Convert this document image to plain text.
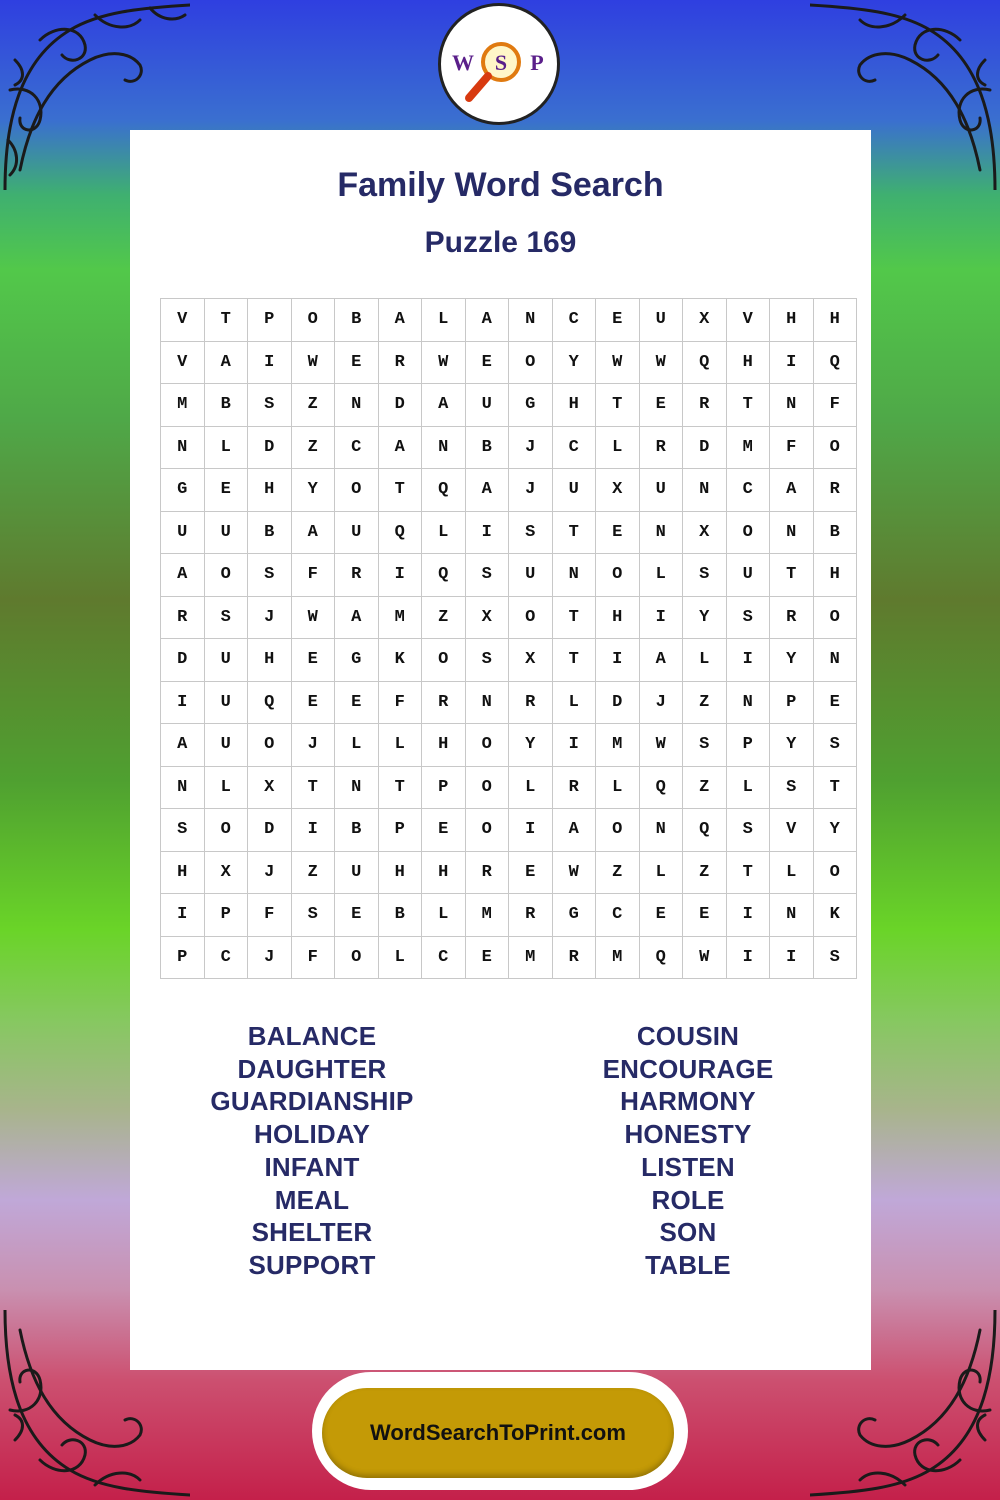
W S P
Family Word Search
Puzzle 169
V	T	P	O	B	A	L	A	N	C	E	U	X	V	H	H
V	A	I	W	E	R	W	E	O	Y	W	W	Q	H	I	Q
M	B	S	Z	N	D	A	U	G	H	T	E	R	T	N	F
N	L	D	Z	C	A	N	B	J	C	L	R	D	M	F	O
G	E	H	Y	O	T	Q	A	J	U	X	U	N	C	A	R
U	U	B	A	U	Q	L	I	S	T	E	N	X	O	N	B
A	O	S	F	R	I	Q	S	U	N	O	L	S	U	T	H
R	S	J	W	A	M	Z	X	O	T	H	I	Y	S	R	O
D	U	H	E	G	K	O	S	X	T	I	A	L	I	Y	N
I	U	Q	E	E	F	R	N	R	L	D	J	Z	N	P	E
A	U	O	J	L	L	H	O	Y	I	M	W	S	P	Y	S
N	L	X	T	N	T	P	O	L	R	L	Q	Z	L	S	T
S	O	D	I	B	P	E	O	I	A	O	N	Q	S	V	Y
H	X	J	Z	U	H	H	R	E	W	Z	L	Z	T	L	O
I	P	F	S	E	B	L	M	R	G	C	E	E	I	N	K
P	C	J	F	O	L	C	E	M	R	M	Q	W	I	I	S
BALANCE
DAUGHTER
GUARDIANSHIP
HOLIDAY
INFANT
MEAL
SHELTER
SUPPORT
COUSIN
ENCOURAGE
HARMONY
HONESTY
LISTEN
ROLE
SON
TABLE
WordSearchToPrint.com
